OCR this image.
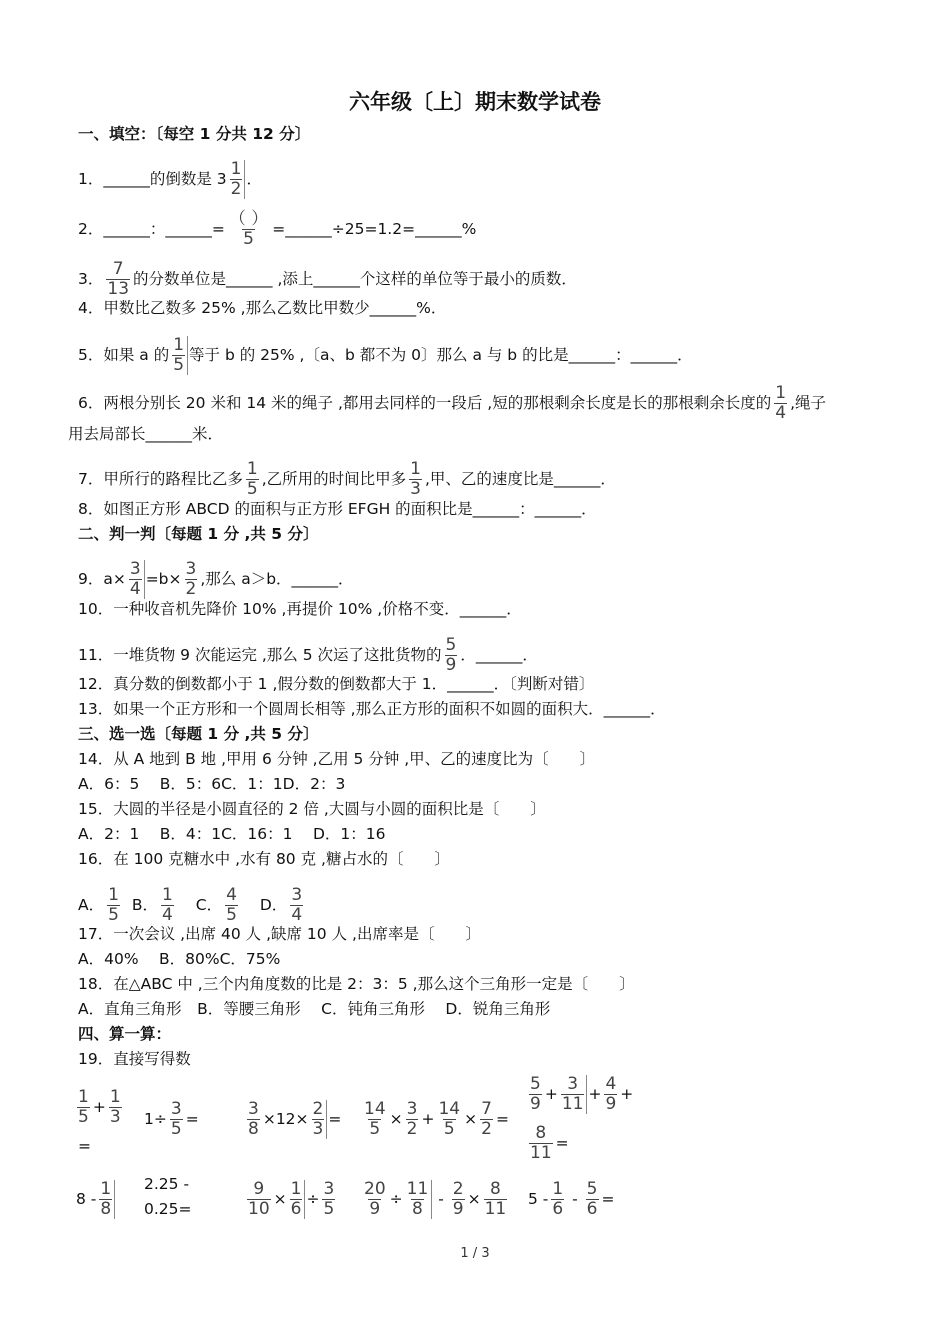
六年级〔上〕期末数学试卷
一、填空：〔每空 1 分共 12 分〕
1．______的倒数是 $3 \frac{1}{2}$ ．
2．______：______= （ ）
5 =______÷25=1.2=______%
3． $\frac{7}{13}$ 的分数单位是______ ,添上______个这样的单位等于最小的质数．
4．甲数比乙数多 25% ,那么乙数比甲数少______%．
5．如果 a 的 $\frac{1}{5}$ 等于 b 的 25% ,〔a、b 都不为 0〕那么 a 与 b 的比是______：______．
6．两根分别长 20 米和 14 米的绳子 ,都用去同样的一段后 ,短的那根剩余长度是长的那根剩余长度的 $\frac{1}{4}$ ,绳子
用去局部长______米．
7．甲所行的路程比乙多 $\frac{1}{5}$ ,乙所用的时间比甲多 $\frac{1}{3}$ ,甲、乙的速度比是______．
8．如图正方形 ABCD 的面积与正方形 EFGH 的面积比是______：______．
二、判一判〔每题 1 分 ,共 5 分〕
9．$a\times \frac{3}{4} =b\times \frac{3}{2}$ ,那么 a＞b．______．
10．一种收音机先降价 10% ,再提价 10% ,价格不变．______．
11．一堆货物 9 次能运完 ,那么 5 次运了这批货物的 $\frac{5}{9}$ ．______．
12．真分数的倒数都小于 1 ,假分数的倒数都大于 1．______．〔判断对错〕
13．如果一个正方形和一个圆周长相等 ,那么正方形的面积不如圆的面积大．______．
三、选一选〔每题 1 分 ,共 5 分〕
14．从 A 地到 B 地 ,甲用 6 分钟 ,乙用 5 分钟 ,甲、乙的速度比为〔　　〕
A．6：5　 B．5：6C．1：1D．2：3
15．大圆的半径是小圆直径的 2 倍 ,大圆与小圆的面积比是〔　　〕
A．2：1　 B．4：1C．16：1　 D．1：16
16．在 100 克糖水中 ,水有 80 克 ,糖占水的〔　　〕
A． $\frac{1}{5}$ B． $\frac{1}{4}$ C． $\frac{4}{5}$ D． $\frac{3}{4}$
17．一次会议 ,出席 40 人 ,缺席 10 人 ,出席率是〔　　〕
A．40%　 B．80%C．75%
18．在△ABC 中 ,三个内角度数的比是 2：3：5 ,那么这个三角形一定是〔　　〕
A．直角三角形　B．等腰三角形　 C．钝角三角形　 D．锐角三角形
四、算一算：
19．直接写得数
$\frac{1}{5} + \frac{1}{3}$
=
$1\div \frac{3}{5}$ =	$\frac{3}{8} \times 12\times \frac{2}{3} = \frac{14}{5} \times \frac{3}{2} + \frac{14}{5} \times \frac{7}{2}$ =
$\frac{5}{9} + \frac{3}{11} + \frac{4}{9}$ +
$\frac{8}{11}$ =
$8 - \frac{1}{8} 2.25$ -
0.25=	$\frac{9}{10} \times \frac{1}{6} \div \frac{3}{5} \frac{20}{9} \div \frac{11}{8} - \frac{2}{9} \times \frac{8}{11} 5 - \frac{1}{6} - \frac{5}{6}$ =
1 / 3
